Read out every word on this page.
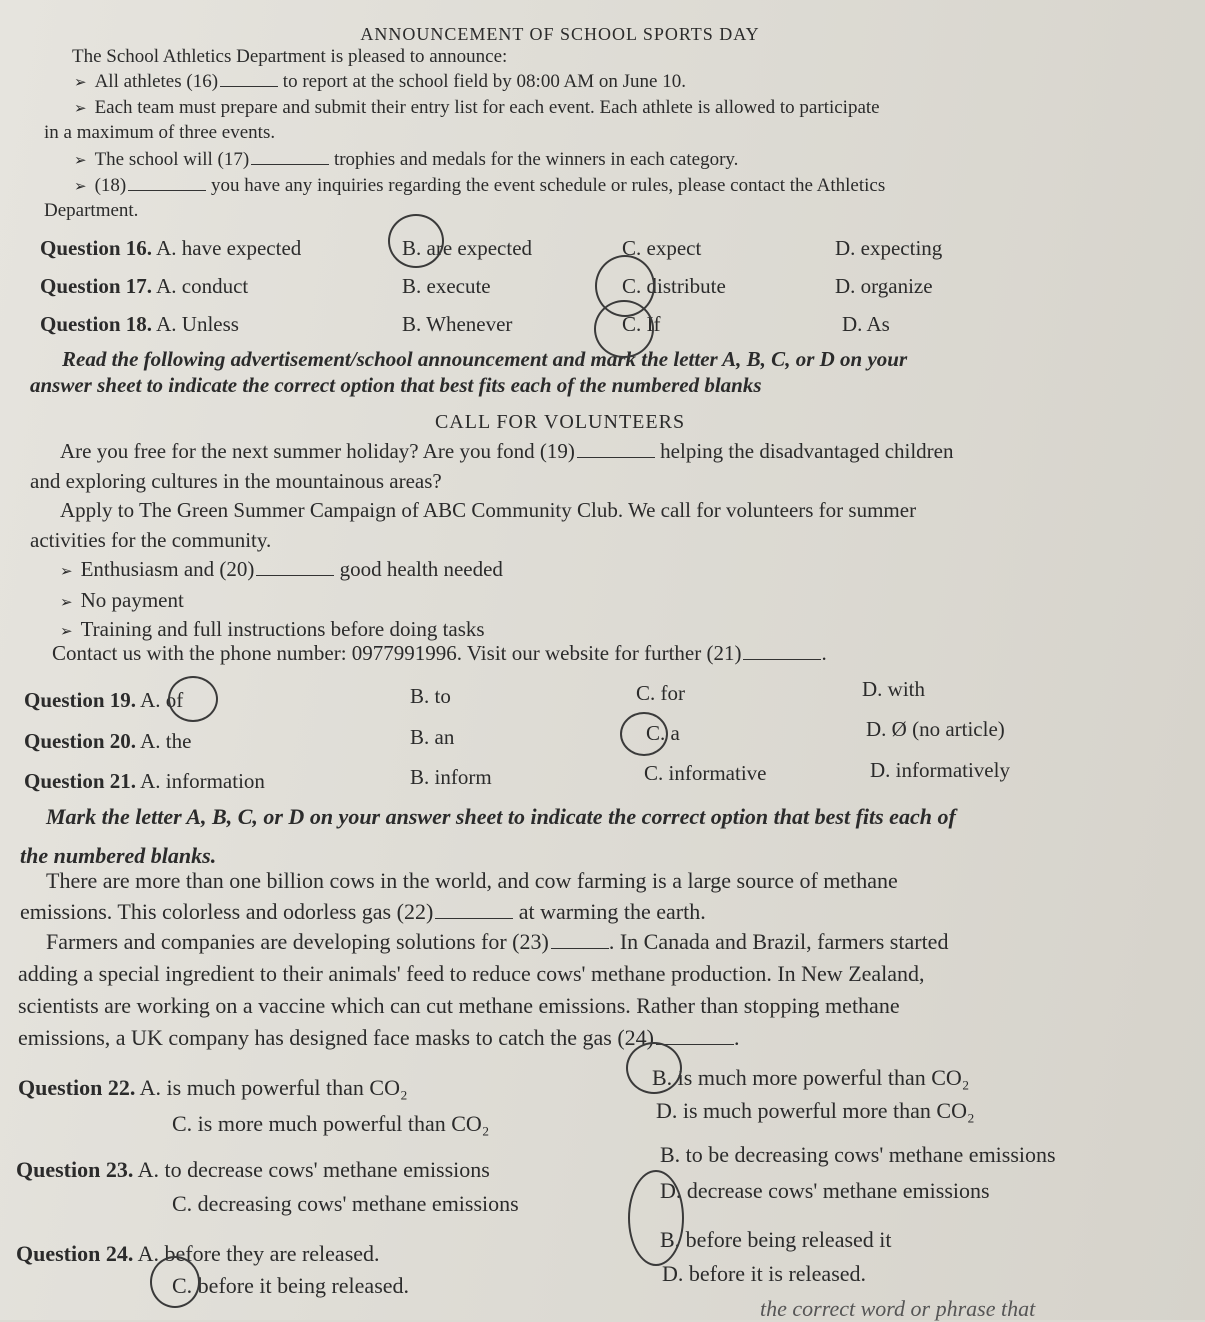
ANNOUNCEMENT OF SCHOOL SPORTS DAY
The School Athletics Department is pleased to announce:
➢ All athletes (16)	to report at the school field by 08:00 AM on June 10.
➢ Each team must prepare and submit their entry list for each event. Each athlete is allowed to participate
in a maximum of three events.
➢ The school will (17)	trophies and medals for the winners in each category.
➢ (18)	you have any inquiries regarding the event schedule or rules, please contact the Athletics
Department.
Question 16. A. have expected	B. are expected	C. expect	D. expecting
Question 17. A. conduct	B. execute	C. distribute	D. organize
Question 18. A. Unless	B. Whenever	C. If	D. As
Read the following advertisement/school announcement and mark the letter A, B, C, or D on your
answer sheet to indicate the correct option that best fits each of the numbered blanks
CALL FOR VOLUNTEERS
Are you free for the next summer holiday? Are you fond (19)	helping the disadvantaged children
and exploring cultures in the mountainous areas?
Apply to The Green Summer Campaign of ABC Community Club. We call for volunteers for summer
activities for the community.
➢ Enthusiasm and (20)	good health needed
➢ No payment
➢ Training and full instructions before doing tasks
Contact us with the phone number: 0977991996. Visit our website for further (21)	.
Question 19. A. of	B. to	C. for	D. with
Question 20. A. the	B. an	C. a	D. Ø (no article)
Question 21. A. information	B. inform	C. informative	D. informatively
Mark the letter A, B, C, or D on your answer sheet to indicate the correct option that best fits each of
the numbered blanks.
There are more than one billion cows in the world, and cow farming is a large source of methane
emissions. This colorless and odorless gas (22)	at warming the earth.
Farmers and companies are developing solutions for (23)	. In Canada and Brazil, farmers started
adding a special ingredient to their animals' feed to reduce cows' methane production. In New Zealand,
scientists are working on a vaccine which can cut methane emissions. Rather than stopping methane
emissions, a UK company has designed face masks to catch the gas (24)	.
Question 22. A. is much powerful than CO₂	B. is much more powerful than CO₂
C. is more much powerful than CO₂
D. is much powerful more than CO₂
Question 23. A. to decrease cows' methane emissions
B. to be decreasing cows' methane emissions
C. decreasing cows' methane emissions
D. decrease cows' methane emissions
Question 24. A. before they are released.
B. before being released it
C. before it being released.	D. before it is released.
the correct word or phrase that
